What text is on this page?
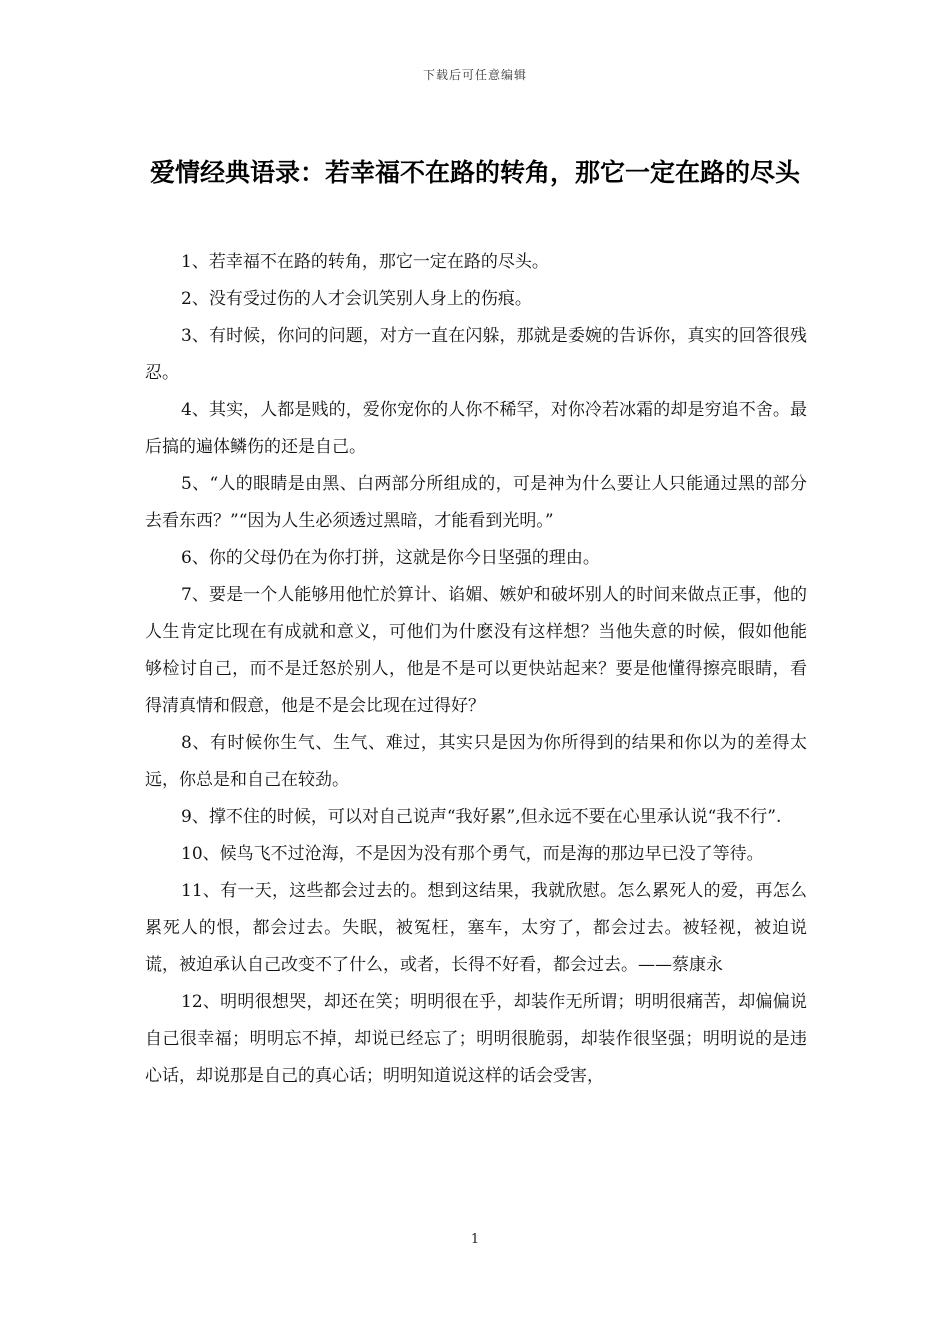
下载后可任意编辑
爱情经典语录：若幸福不在路的转角，那它一定在路的尽头

1、若幸福不在路的转角，那它一定在路的尽头。

2、没有受过伤的人才会讥笑别人身上的伤痕。

3、有时候，你问的问题，对方一直在闪躲，那就是委婉的告诉你，真实的回答很残忍。

4、其实，人都是贱的，爱你宠你的人你不稀罕，对你冷若冰霜的却是穷追不舍。最后搞的遍体鳞伤的还是自己。

5、“人的眼睛是由黑、白两部分所组成的，可是神为什么要让人只能通过黑的部分去看东西？”“因为人生必须透过黑暗，才能看到光明。”

6、你的父母仍在为你打拼，这就是你今日坚强的理由。

7、要是一个人能够用他忙於算计、谄媚、嫉妒和破坏别人的时间来做点正事，他的人生肯定比现在有成就和意义，可他们为什麽没有这样想？当他失意的时候，假如他能够检讨自己，而不是迁怒於别人，他是不是可以更快站起来？要是他懂得擦亮眼睛，看得清真情和假意，他是不是会比现在过得好？

8、有时候你生气、生气、难过，其实只是因为你所得到的结果和你以为的差得太远，你总是和自己在较劲。

9、撑不住的时候，可以对自己说声“我好累”,但永远不要在心里承认说“我不行”.

10、候鸟飞不过沧海，不是因为没有那个勇气，而是海的那边早已没了等待。

11、有一天，这些都会过去的。想到这结果，我就欣慰。怎么累死人的爱，再怎么累死人的恨，都会过去。失眠，被冤枉，塞车，太穷了，都会过去。被轻视，被迫说谎，被迫承认自己改变不了什么，或者，长得不好看，都会过去。——蔡康永

12、明明很想哭，却还在笑；明明很在乎，却装作无所谓；明明很痛苦，却偏偏说自己很幸福；明明忘不掉，却说已经忘了；明明很脆弱，却装作很坚强；明明说的是违心话，却说那是自己的真心话；明明知道说这样的话会受害，

1
